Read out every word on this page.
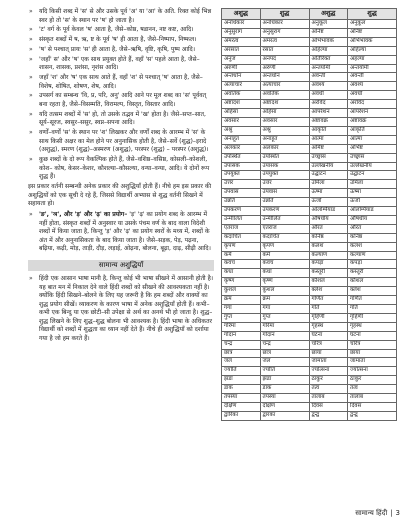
» यदि किसी शब्द में 'स' से और उसके पूर्व 'अ' या 'आ' के अति. रिक्त कोई भिन्न स्वर हो तो 'स' के स्थान पर 'ष' हो जाता है।
» 'ट' वर्ग के पूर्व केवल 'ष' आता है, जैसे–कोष्ठ, षडानन, नष्ट कष्ट, आदि।
» संस्कृत शब्दों में ष, ऋ, ष्ट के पूर्व 'ष' ही आता है, जैसे–निष्पाप, निष्फल।
» 'ष' से पश्चात् प्रायः 'स' ही आता है, जैसे–ऋषि, वृष्टि, कृषि, पुष्प आदि।
» 'जहाँ' स' और 'ष' एक साथ प्रयुक्त होते हैं, वहाँ 'स' पहले आता है, जैसे–शासन, शासक, प्रशंसा, नृशंस आदि।
» जहाँ 'श' और 'ष' एक साथ आते हैं, वहाँ 'श' से पश्चात् 'ष' आता है, जैसे–विशेष, शोषित, शोषण, शेष, आदि।
» उपसर्ग का सम्बन्ध 'वि, प्र, परि, अनु' आदि आने पर मूल शब्द का 'स' पूर्ववत् बना रहता है, जैसे–विसम्मति, विरामल्प, विस्तृत, विस्तार आदि।
» यदि तत्सम शब्दों में 'स' हो, तो उसके तद्भव में 'ख' होता है। जैसे–सप्त–सात, सूर्य–सूरज, स्वसुर–ससुर, स्वप्न–सपना आदि।
» वर्णों–वर्णों 'स' के स्थान पर 'श' लिखकर और वर्णों शब्द के आरम्भ में 'स' के साथ किसी अक्षर का मेल होने पर अनुनासिक होती है, जैसे–सर्वे (शुद्ध)–इरादे (अशुद्ध), स्मरण (शुद्ध)–अस्मरण (अशुद्ध), परस्पर (शुद्ध) – परस्पर (अशुद्ध)।
» कुछ शब्दों के दो रूप वैकल्पिक होते हैं, जैसे–वशिष्ठ–वसिष्ठ, कोसली–कोशली, कोश– कोष, केसर–केशर, कौशल्या–कौसल्या, वन्या–वन्या, आदि। ये दोनों रूप शुद्ध हैं।

इस प्रकार वर्तनी सम्बन्धी अनेक प्रकार की अशुद्धियाँ होती हैं। नीचे हम इस प्रकार की अशुद्धियों को एक सूची दे रहे हैं, जिससे विद्यार्थी अभ्यास से शुद्ध वर्तनी सिखने में सहायता हो।

» 'ङ', 'ञ', और 'ड़' और 'ढ़' का प्रयोग– 'ड़' 'ढ़' का प्रयोग शब्द के आरम्भ में नहीं होता, संस्कृत शब्दों में अनुस्वार या उसके पंचम वर्ण के बाद वाला विदेशी शब्दों में किया जाता है, किन्तु 'ड़' और 'ढ़' का प्रयोग स्वरों के मध्य में, शब्दों के अंत में और अनुनासिकता के बाद किया जाता है। जैसे–सड़क, पेड़, पढ़ना, बढ़िया, कढ़ी, मोड़, ताड़ी, दौड़, लड़ाई, ओढ़ना, बोलना, बूढ़ा, दाढ़, सीढ़ी आदि।
सामान्य अशुद्धियाँ
» हिंदी एक आसान भाषा मानी है, किन्तु कोई भी भाषा सीखने में आसानी होती है। यह बात मन में निकाल देने वाले हिंदी शब्दों को सीखने की आवश्यकता नहीं है। क्योंकि हिंदी सिखने–बोलने के लिए यह जरूरी है कि हम शब्दों और वाक्यों का शुद्ध प्रयोग सीखें। व्याकरण के कारण भाषा में अनेक अशुद्धियाँ होती हैं। कभी–कभी एक बिन्दु या एक छोटी–सी उपेक्षा से अर्थ का अनर्थ भी हो जाता है। शुद्ध–शुद्ध लिखने के लिए शुद्ध–शुद्ध बोलना भी आवश्यक है। हिंदी भाषा के अधिकतर विद्यार्थी को शब्दों में शुद्धता का ध्यान नहीं देते हैं। नीचे ही अशुद्धियाँ को दर्शाया गया है जो हम करते हैं।
अशुद्ध	शुद्ध	अशुद्ध	शुद्ध
अनधिकार	अनधिकार	अनुकूल	अनुकूल
अनुसुराग	अनुसुराग	अनिष्ट	अनिष्ट
अमरत्व	अमरत्व	अभिभावक	अभिभावक
अरसात	रसात	अहिल्या	अहिल्या
अनुज	अनपद	अतिरिक्त	अहल्या
अरुणी	अरुणी	अन्तर्यामी	अन्तर्यामी
अन्तर्धान	अन्तर्धान	अवन्ती	अवन्ती
अत्याचार	अत्याचार	अवश्य	अवश्य
अवंतिक	अवंतिक	अवधी	अवधी
अष्टादश	अष्टादश	अरविंद	अरविंद
अहिंसा	अहिंसा	आपरेशन	आपरेशन
अवसार	अवसार	अष्टावक्र	अष्टावक्र
अश्रु	अश्रु	आकृति	आकृति
अनाहूत	अनाहूत	आत्मा	आत्मा
अलंकार	अलंकार	अमिष्ट	अभिष्ट
उपस्थित	उपस्थित	उच्छ्वास	उच्छ्वास
उपासक	उपासक	उल्लेखनीय	उल्लेखनीय
उपयुक्त	उपयुक्त	उद्घाटन	उद्घाटन
उत्तर	उत्तर	उर्मिला	उर्मिला
उपवास	उपवास	ऊष्मा	ऊष्मा
उन्नति	उन्नति	ऊर्जा	ऊर्जा
उपकरण	उपकरण	ओलम्पियाड	ओलम्पियाड
उन्मीलित	उन्मीलित	औषधीय	औषधीय
एतराज	एतराज	औरत	औरत
कदाचित	कदाचित	कनिष्ठ	कनिष्ठ
कृपण	कृपण	कलश	कलश
कर्म	कर्म	कल्याण	कल्याण
कवच	कवच	कपड़ा	कपड़ा
कंधा	कंधा	कस्तूरी	कस्तूरी
कृष्ण	कृष्ण	कौशल	कौशल
कुशल	कुशल	क्लेश	क्लेश
क्रम	क्रम	गणित	गणित
गंगा	गंगा	गति	गति
गुप्त	गुप्त	गृहिणी	गृहिणी
गरिमा	गरिमा	गृहस्थ	गृहस्थ
गोदान	गोदान	घटना	घटना
चन्द्र	चन्द्र	चरित्र	चरित्र
छात्र	छात्र	छाया	छाया
जल	जल	जामाता	जामाता
ज्योति	ज्योति	ज्योत्सना	ज्योत्सना
झंडा	झंडा	ठाकुर	ठाकुर
डाक	डाक	तत्व	तत्व
तपस्या	तपस्या	तालाब	तालाब
दक्षिण	दक्षिण	दिवस	दिवस
द्वारिका	द्वारका	द्वन्द्व	द्वन्द्व
सामान्य हिंदी | 3
